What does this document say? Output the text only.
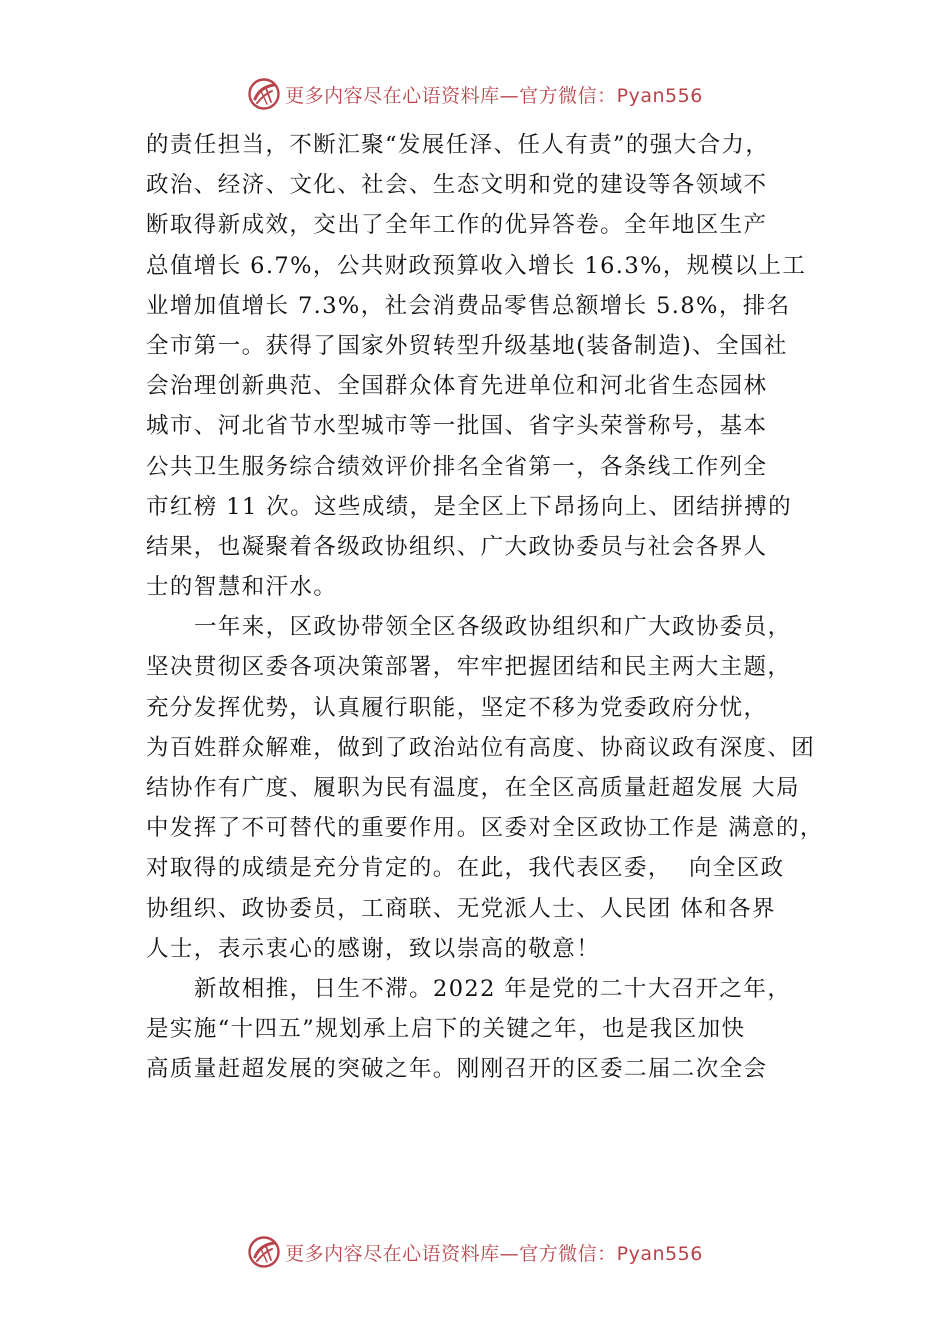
更多内容尽在心语资料库—官方微信：Pyan556
的责任担当，不断汇聚“发展任泽、任人有责”的强大合力，
政治、经济、文化、社会、生态文明和党的建设等各领域不
断取得新成效，交出了全年工作的优异答卷。全年地区生产
总值增长 6.7%，公共财政预算收入增长 16.3%，规模以上工
业增加值增长 7.3%，社会消费品零售总额增长 5.8%，排名
全市第一。获得了国家外贸转型升级基地(装备制造)、全国社
会治理创新典范、全国群众体育先进单位和河北省生态园林
城市、河北省节水型城市等一批国、省字头荣誉称号，基本
公共卫生服务综合绩效评价排名全省第一，各条线工作列全
市红榜 11 次。这些成绩，是全区上下昂扬向上、团结拼搏的
结果，也凝聚着各级政协组织、广大政协委员与社会各界人
士的智慧和汗水。
一年来，区政协带领全区各级政协组织和广大政协委员，
坚决贯彻区委各项决策部署，牢牢把握团结和民主两大主题，
充分发挥优势，认真履行职能，坚定不移为党委政府分忧，
为百姓群众解难，做到了政治站位有高度、协商议政有深度、团
结协作有广度、履职为民有温度，在全区高质量赶超发展 大局
中发挥了不可替代的重要作用。区委对全区政协工作是 满意的，
对取得的成绩是充分肯定的。在此，我代表区委，  向全区政
协组织、政协委员，工商联、无党派人士、人民团 体和各界
人士，表示衷心的感谢，致以崇高的敬意！
新故相推，日生不滞。2022 年是党的二十大召开之年，
是实施“十四五”规划承上启下的关键之年，也是我区加快
高质量赶超发展的突破之年。刚刚召开的区委二届二次全会
更多内容尽在心语资料库—官方微信：Pyan556
